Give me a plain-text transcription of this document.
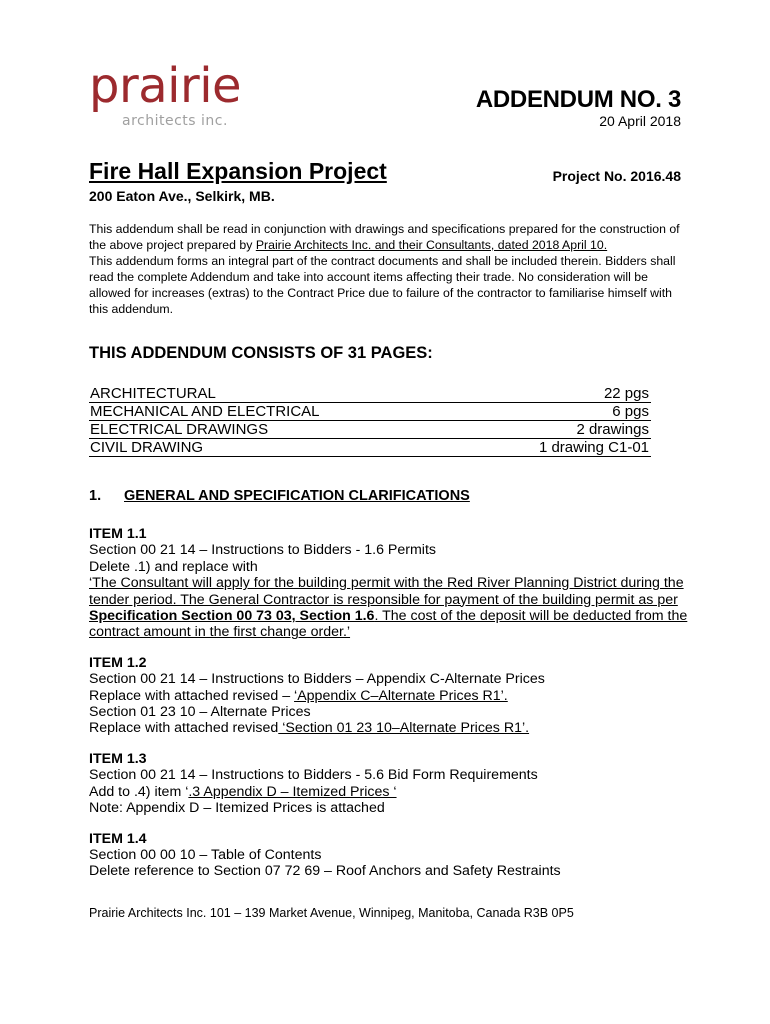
prairie
architects inc.
ADDENDUM NO. 3
20 April 2018
Fire Hall Expansion Project	Project No. 2016.48
200 Eaton Ave., Selkirk, MB.

This addendum shall be read in conjunction with drawings and specifications prepared for the construction of the above project prepared by Prairie Architects Inc. and their Consultants, dated 2018 April 10.

This addendum forms an integral part of the contract documents and shall be included therein. Bidders shall read the complete Addendum and take into account items affecting their trade. No consideration will be allowed for increases (extras) to the Contract Price due to failure of the contractor to familiarise himself with this addendum.

THIS ADDENDUM CONSISTS OF 31 PAGES:
ARCHITECTURAL	22 pgs
MECHANICAL AND ELECTRICAL	6 pgs
ELECTRICAL DRAWINGS	2 drawings
CIVIL DRAWING	1 drawing C1-01
1. GENERAL AND SPECIFICATION CLARIFICATIONS
ITEM 1.1
Section 00 21 14 – Instructions to Bidders - 1.6 Permits
Delete .1) and replace with
‘The Consultant will apply for the building permit with the Red River Planning District during the tender period. The General Contractor is responsible for payment of the building permit as per Specification Section 00 73 03, Section 1.6. The cost of the deposit will be deducted from the contract amount in the first change order.’
ITEM 1.2
Section 00 21 14 – Instructions to Bidders – Appendix C-Alternate Prices
Replace with attached revised – ‘Appendix C–Alternate Prices R1’.
Section 01 23 10 – Alternate Prices
Replace with attached revised ‘Section 01 23 10–Alternate Prices R1’.
ITEM 1.3
Section 00 21 14 – Instructions to Bidders - 5.6 Bid Form Requirements
Add to .4) item ‘.3 Appendix D – Itemized Prices ‘
Note: Appendix D – Itemized Prices is attached
ITEM 1.4
Section 00 00 10 – Table of Contents
Delete reference to Section 07 72 69 – Roof Anchors and Safety Restraints
Prairie Architects Inc. 101 – 139 Market Avenue, Winnipeg, Manitoba, Canada R3B 0P5
